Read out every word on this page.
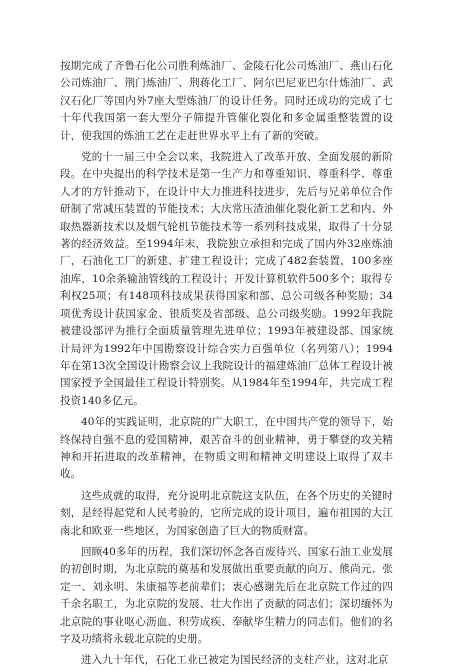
按期完成了齐鲁石化公司胜利炼油厂、金陵石化公司炼油厂、燕山石化公司炼油厂、荆门炼油厂、荆蒋化工厂、阿尔巴尼亚巴尔什炼油厂、武汉石化厂等国内外7座大型炼油厂的设计任务。同时还成功的完成了七十年代我国第一套大型分子筛提升管催化裂化和多金属重整装置的设计，使我国的炼油工艺在走赶世界水平上有了新的突破。

党的十一届三中全会以来，我院进入了改革开放、全面发展的新阶段。在中央提出的科学技术是第一生产力和尊重知识、尊重科学、尊重人才的方针推动下，在设计中大力推进科技进步，先后与兄弟单位合作研制了常减压装置的节能技术；大庆常压渣油催化裂化新工艺和内、外取热器新技术以及烟气轮机节能技术等一系列科技成果，取得了十分显著的经济效益。至1994年末，我院独立承担和完成了国内外32座炼油厂，石油化工厂的新建、扩建工程设计；完成了482套装置，100多座油库，10余条输油管线的工程设计；开发计算机软件500多个；取得专利权25项；有148项科技成果获得国家和部、总公司级各种奖励；34项优秀设计获国家金、银质奖及省部级、总公司级奖励。1992年我院被建设部评为推行全面质量管理先进单位；1993年被建设部、国家统计局评为1992年中国勘察设计综合实力百强单位（名列第八）；1994年在第13次全国设计勘察会议上我院设计的福建炼油厂总体工程设计被国家授予全国最佳工程设计特别奖。从1984年至1994年，共完成工程投资140多亿元。

40年的实践证明，北京院的广大职工，在中国共产党的领导下，始终保持自强不息的爱国精神，艰苦奋斗的创业精神，勇于攀登的攻关精神和开拓进取的改革精神，在物质文明和精神文明建设上取得了双丰收。

这些成就的取得，充分说明北京院这支队伍，在各个历史的关键时刻，是经得起党和人民考验的，它所完成的设计项目，遍布祖国的大江南北和欧亚一些地区，为国家创造了巨大的物质财富。

回顾40多年的历程，我们深切怀念各百废待兴、国家石油工业发展的初创时期，为北京院的奠基和发展做出重要贡献的向万、熊尚元、张定一、刘永明、朱康福等老前辈们；衷心感谢先后在北京院工作过的四千余名职工，为北京院的发展、壮大作出了贡献的同志们；深切缅怀为北京院的事业呕心沥血、积劳成疾、奉献毕生精力的同志们。他们的名字及功绩将永载北京院的史册。

进入九十年代，石化工业已被定为国民经济的支柱产业，这对北京
